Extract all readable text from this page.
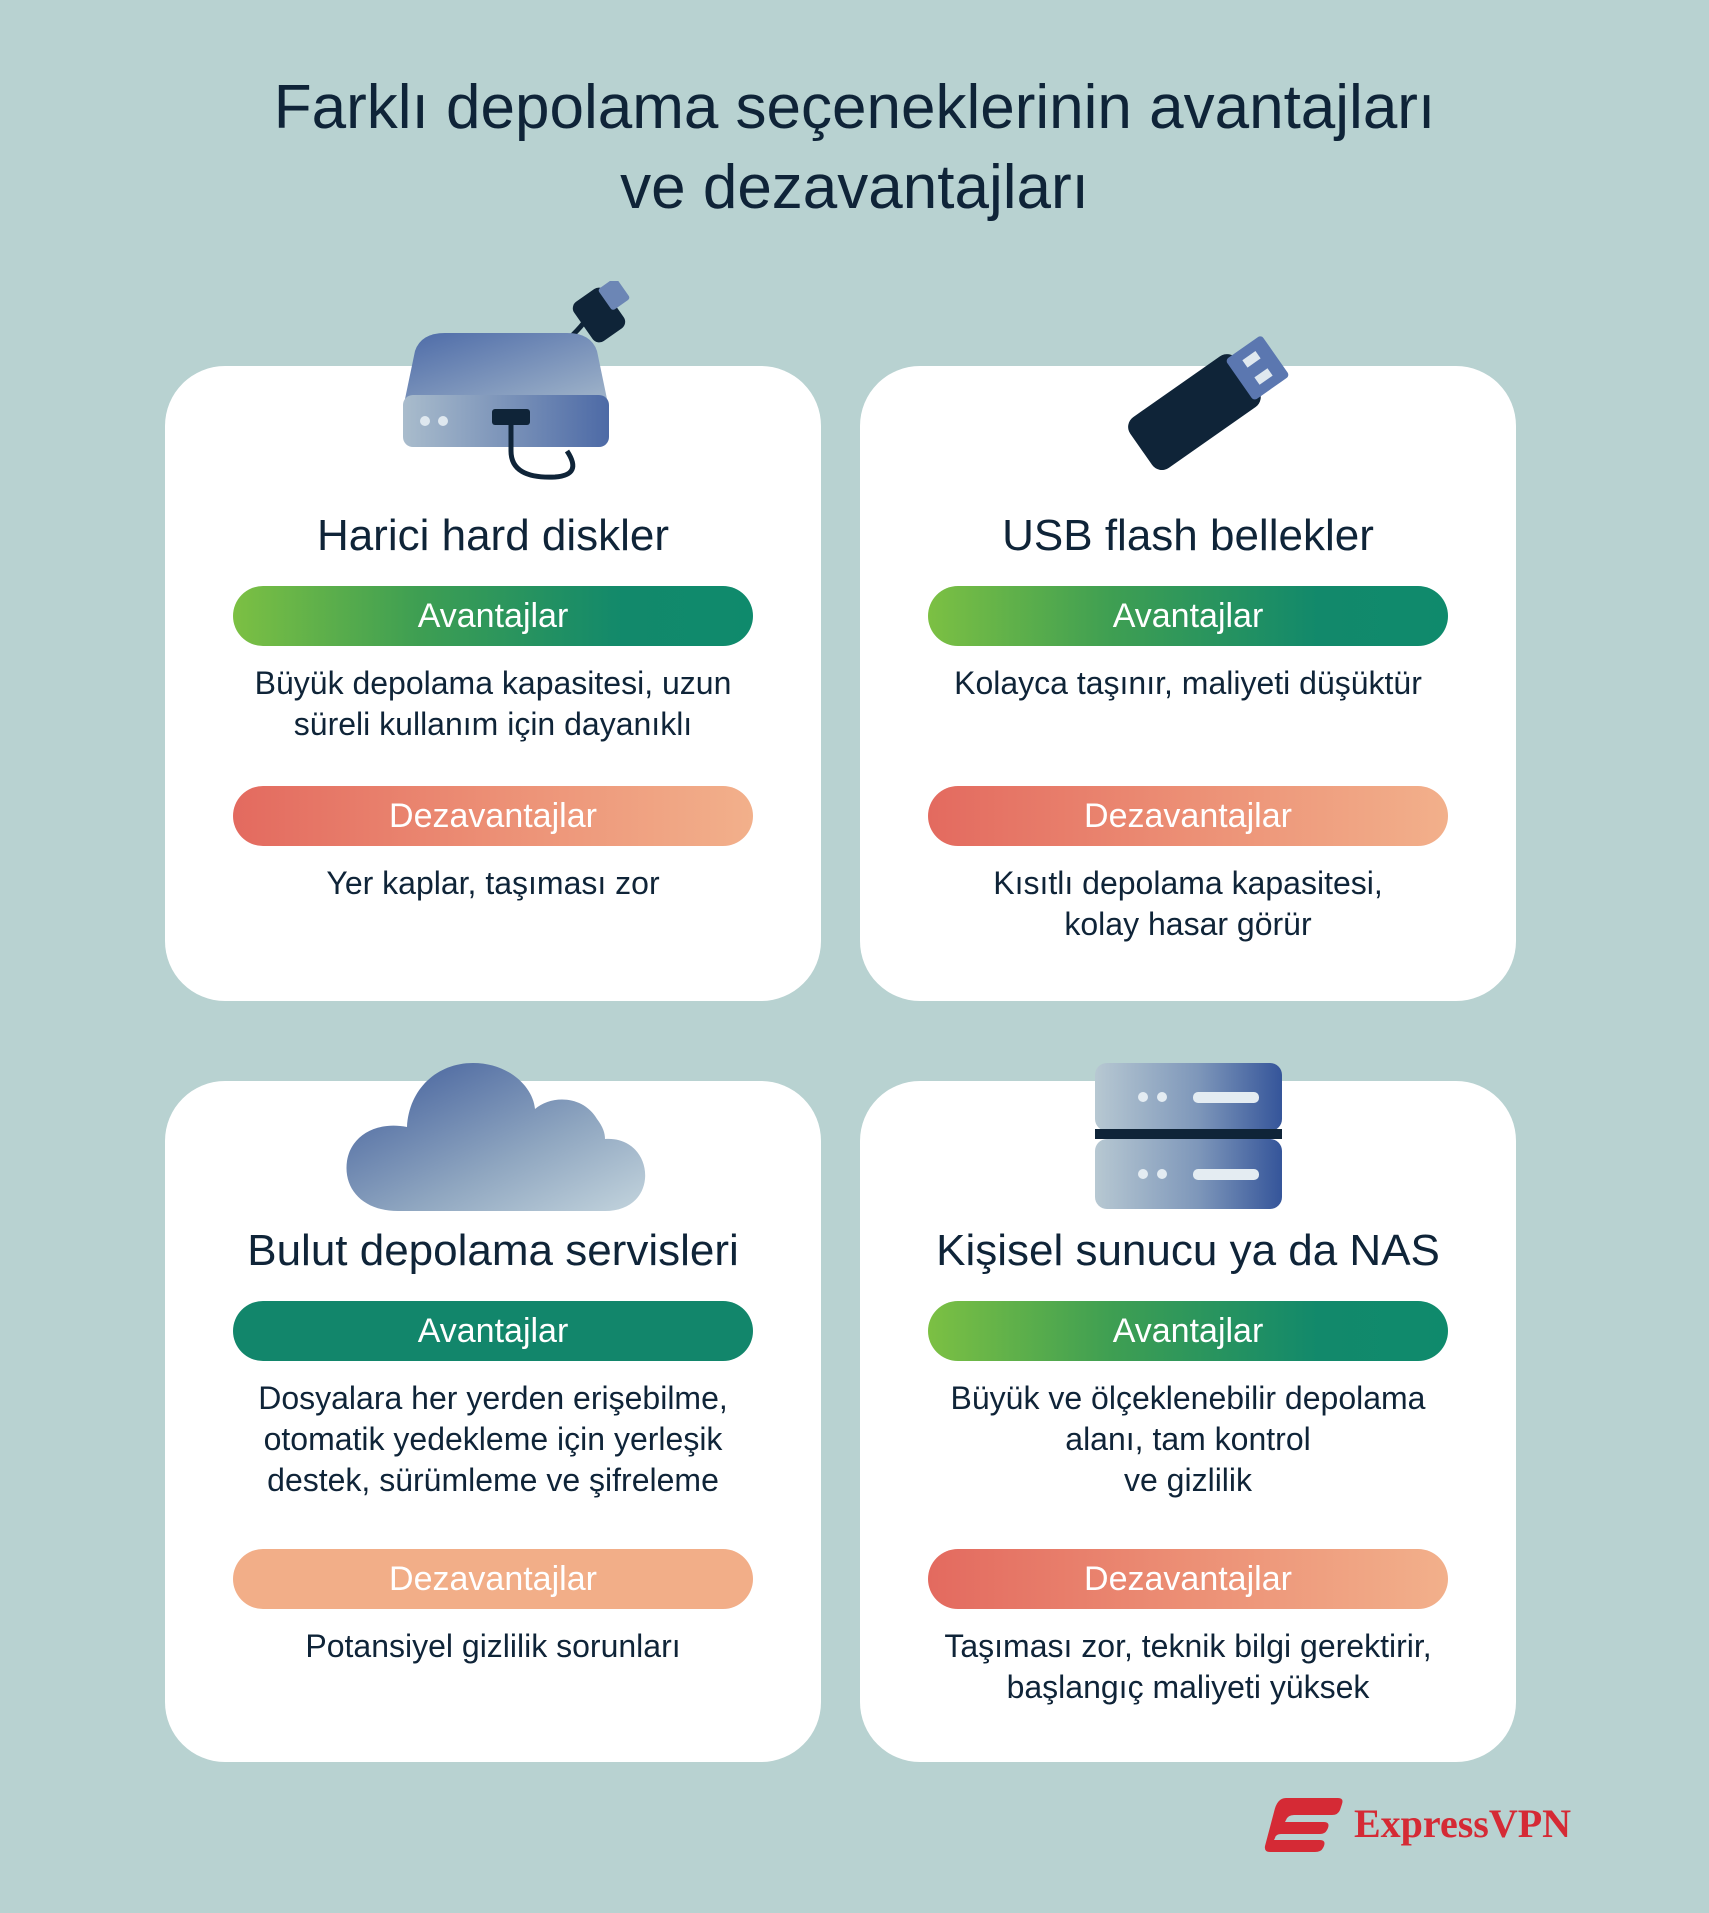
Farklı depolama seçeneklerinin avantajları
ve dezavantajları
Harici hard diskler
Avantajlar
Büyük depolama kapasitesi, uzun
süreli kullanım için dayanıklı
Dezavantajlar
Yer kaplar, taşıması zor
USB flash bellekler
Avantajlar
Kolayca taşınır, maliyeti düşüktür
Dezavantajlar
Kısıtlı depolama kapasitesi,
kolay hasar görür
Bulut depolama servisleri
Avantajlar
Dosyalara her yerden erişebilme,
otomatik yedekleme için yerleşik
destek, sürümleme ve şifreleme
Dezavantajlar
Potansiyel gizlilik sorunları
Kişisel sunucu ya da NAS
Avantajlar
Büyük ve ölçeklenebilir depolama
alanı, tam kontrol
ve gizlilik
Dezavantajlar
Taşıması zor, teknik bilgi gerektirir,
başlangıç maliyeti yüksek
ExpressVPN
